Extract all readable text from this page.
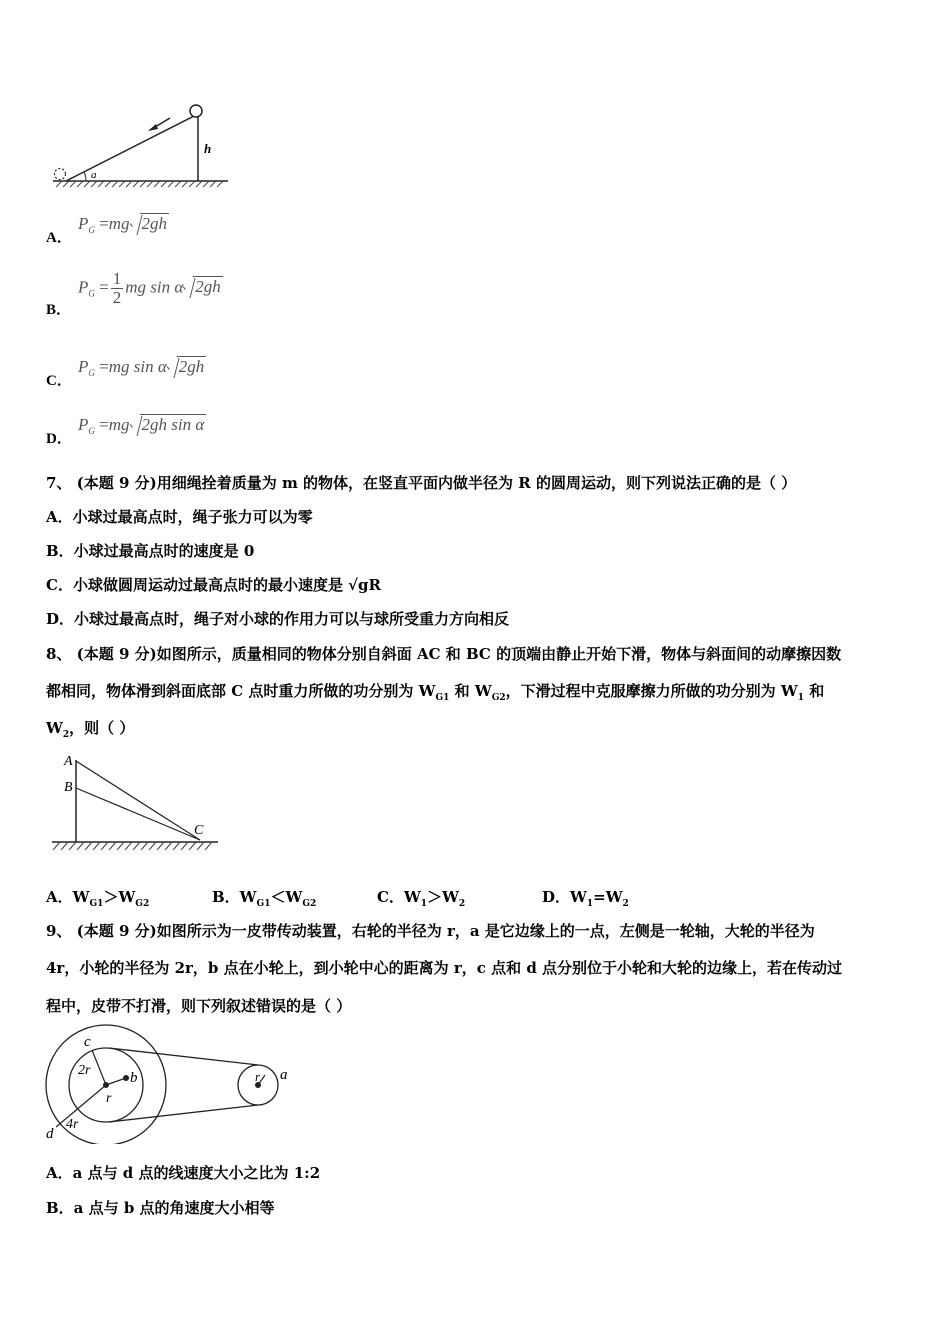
a
h
A．
$P_G =mg$ 2gh
B．
$P_G = \frac{1}{2}$ mg sin α 2gh
C．
$P_G =mg$ sin α 2gh
D．
$P_G =mg$ 2gh sin α
7、 (本题 9 分)用细绳拴着质量为 m 的物体，在竖直平面内做半径为 R 的圆周运动，则下列说法正确的是（ ）
A．小球过最高点时，绳子张力可以为零
B．小球过最高点时的速度是 0
C．小球做圆周运动过最高点时的最小速度是 √gR
D．小球过最高点时，绳子对小球的作用力可以与球所受重力方向相反
8、 (本题 9 分)如图所示，质量相同的物体分别自斜面 AC 和 BC 的顶端由静止开始下滑，物体与斜面间的动摩擦因数
都相同，物体滑到斜面底部 C 点时重力所做的功分别为 $W_{G1}$ 和 $W_{G2}$，下滑过程中克服摩擦力所做的功分别为 $W_1$ 和
$W_2$，则（ ）
A
B
C
A．$W_{G1}>W_{G2}$	B．$W_{G1}<W_{G2}$	C．$W_1>W_2$	D．$W_1=W_2$
9、 (本题 9 分)如图所示为一皮带传动装置，右轮的半径为 r，a 是它边缘上的一点，左侧是一轮轴，大轮的半径为
4r，小轮的半径为 2r，b 点在小轮上，到小轮中心的距离为 r，c 点和 d 点分别位于小轮和大轮的边缘上，若在传动过
程中，皮带不打滑，则下列叙述错误的是（ ）
c
2r	b
r
4r
d
r a
A．a 点与 d 点的线速度大小之比为 1:2
B．a 点与 b 点的角速度大小相等
